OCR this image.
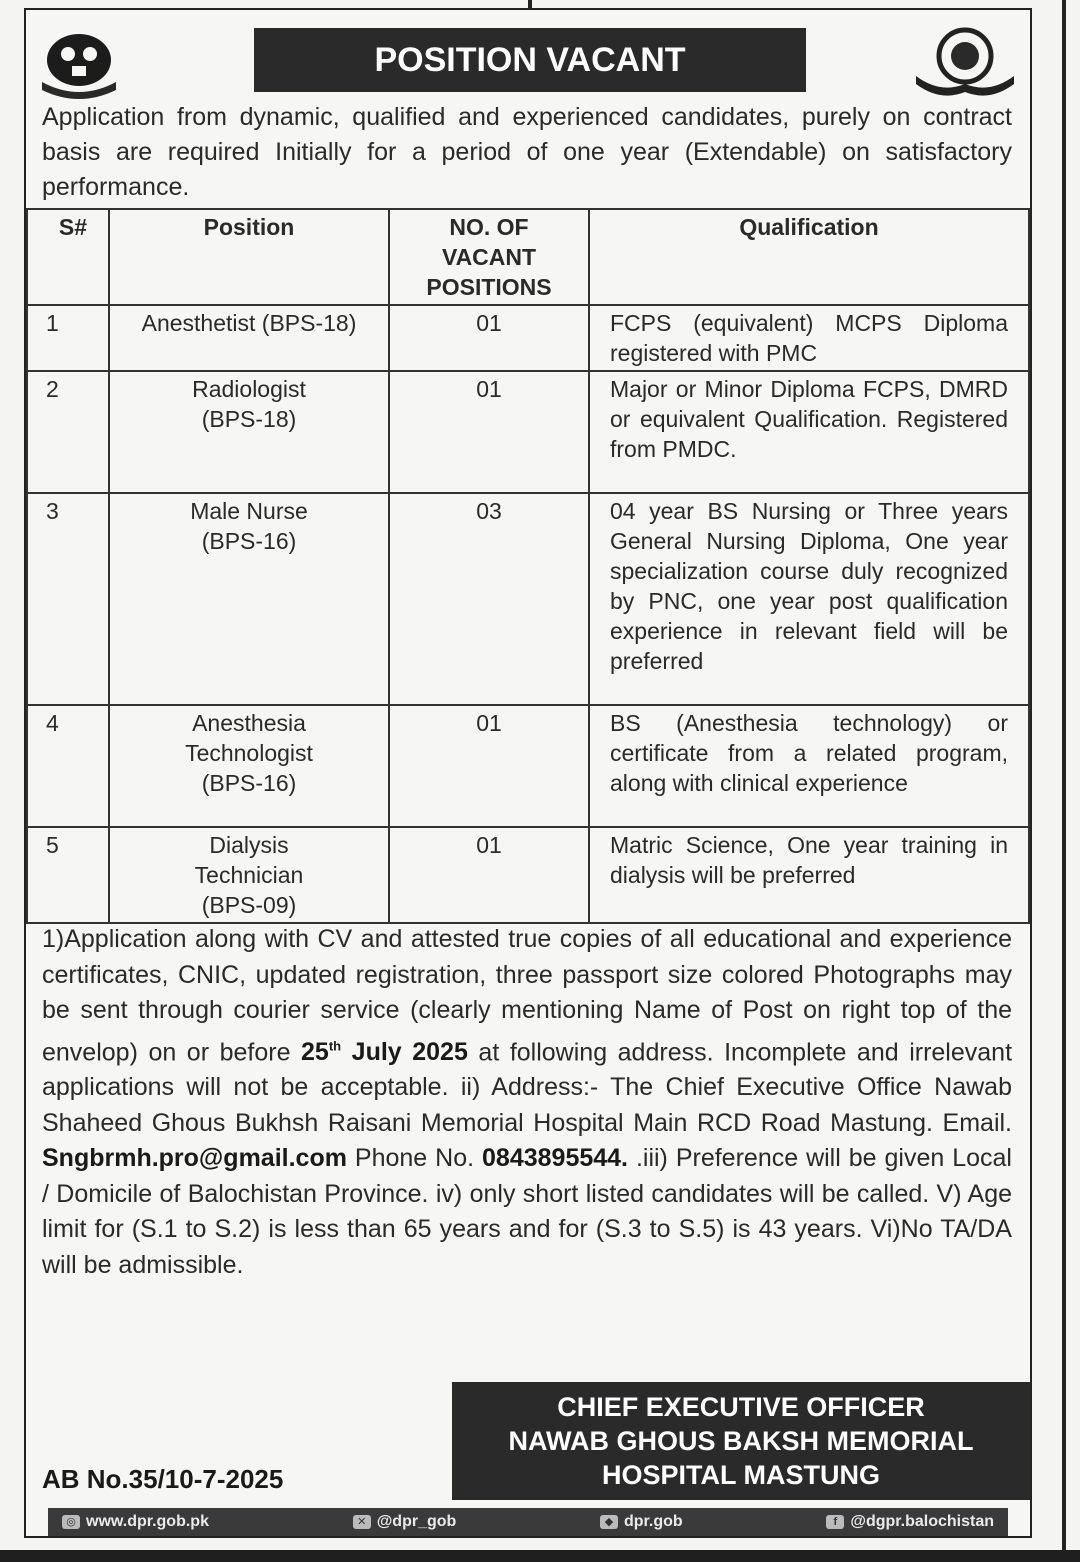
POSITION VACANT
Application from dynamic, qualified and experienced candidates, purely on contract basis are required Initially for a period of one year (Extendable) on satisfactory performance.
S#	Position	NO. OF VACANT POSITIONS	Qualification
1	Anesthetist (BPS-18)	01	FCPS (equivalent) MCPS Diploma registered with PMC
2	Radiologist (BPS-18)	01	Major or Minor Diploma FCPS, DMRD or equivalent Qualification. Registered from PMDC.
3	Male Nurse (BPS-16)	03	04 year BS Nursing or Three years General Nursing Diploma, One year specialization course duly recognized by PNC, one year post qualification experience in relevant field will be preferred
4	Anesthesia Technologist (BPS-16)	01	BS (Anesthesia technology) or certificate from a related program, along with clinical experience
5	Dialysis Technician (BPS-09)	01	Matric Science, One year training in dialysis will be preferred
1)Application along with CV and attested true copies of all educational and experience certificates, CNIC, updated registration, three passport size colored Photographs may be sent through courier service (clearly mentioning Name of Post on right top of the envelop) on or before 25th July 2025 at following address. Incomplete and irrelevant applications will not be acceptable. ii) Address:- The Chief Executive Office Nawab Shaheed Ghous Bukhsh Raisani Memorial Hospital Main RCD Road Mastung. Email. Sngbrmh.pro@gmail.com Phone No. 0843895544. .iii) Preference will be given Local / Domicile of Balochistan Province. iv) only short listed candidates will be called. V) Age limit for (S.1 to S.2) is less than 65 years and for (S.3 to S.5) is 43 years. Vi)No TA/DA will be admissible.
CHIEF EXECUTIVE OFFICER
NAWAB GHOUS BAKSH MEMORIAL
HOSPITAL MASTUNG
AB No.35/10-7-2025
◎ www.dpr.gob.pk	✕ @dpr_gob	◆ dpr.gob	f @dgpr.balochistan
